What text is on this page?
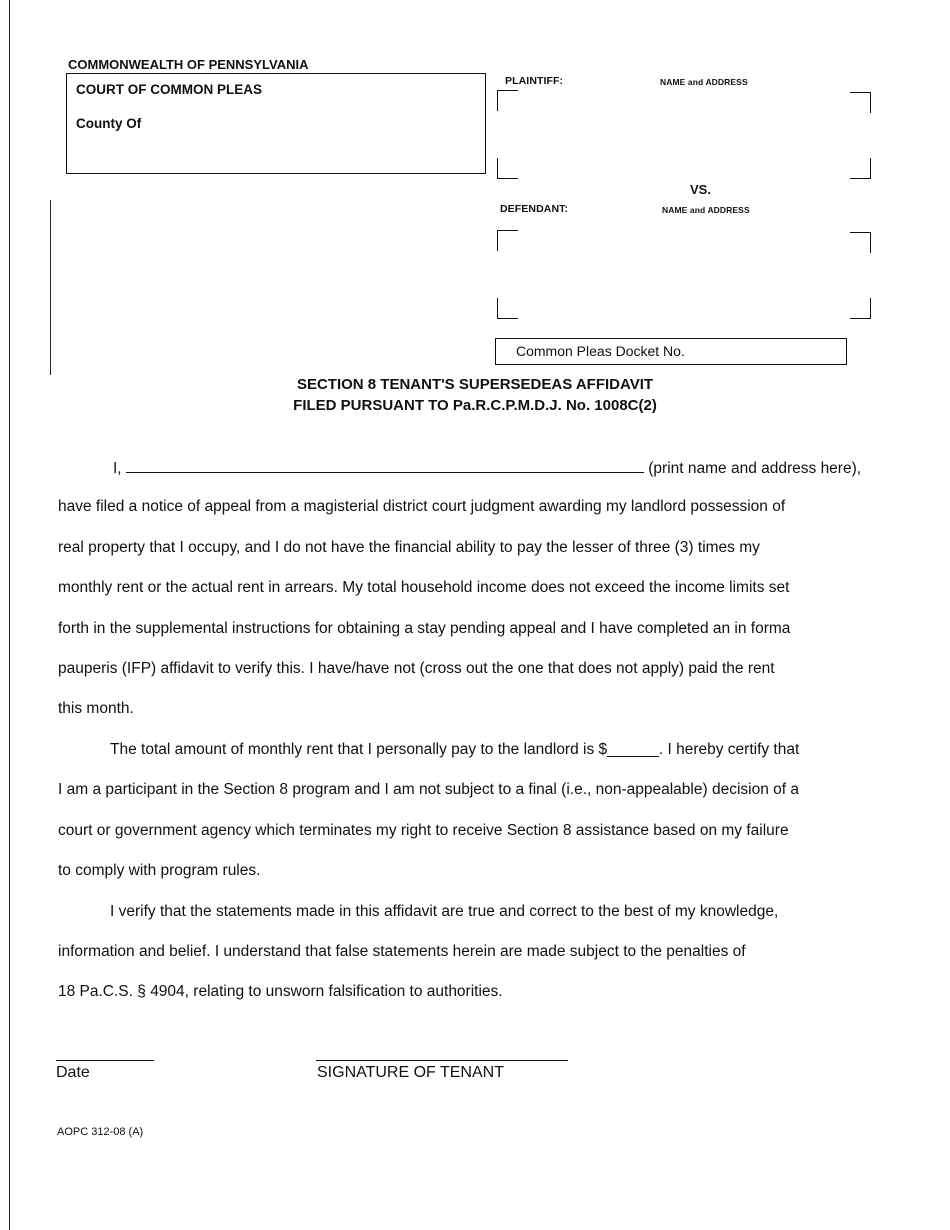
COMMONWEALTH OF PENNSYLVANIA
COURT OF COMMON PLEAS
County Of
PLAINTIFF:	NAME and ADDRESS
VS.
DEFENDANT:	NAME and ADDRESS
Common Pleas Docket No.
SECTION 8 TENANT'S SUPERSEDEAS AFFIDAVIT
FILED PURSUANT TO Pa.R.C.P.M.D.J. No. 1008C(2)
I,	(print name and address here),
have filed a notice of appeal from a magisterial district court judgment awarding my landlord possession of
real property that I occupy, and I do not have the financial ability to pay the lesser of three (3) times my
monthly rent or the actual rent in arrears. My total household income does not exceed the income limits set
forth in the supplemental instructions for obtaining a stay pending appeal and I have completed an in forma
pauperis (IFP) affidavit to verify this. I have/have not (cross out the one that does not apply) paid the rent
this month.
The total amount of monthly rent that I personally pay to the landlord is $______. I hereby certify that
I am a participant in the Section 8 program and I am not subject to a final (i.e., non-appealable) decision of a
court or government agency which terminates my right to receive Section 8 assistance based on my failure
to comply with program rules.
I verify that the statements made in this affidavit are true and correct to the best of my knowledge,
information and belief. I understand that false statements herein are made subject to the penalties of
18 Pa.C.S. § 4904, relating to unsworn falsification to authorities.
Date	SIGNATURE OF TENANT
AOPC 312-08 (A)
